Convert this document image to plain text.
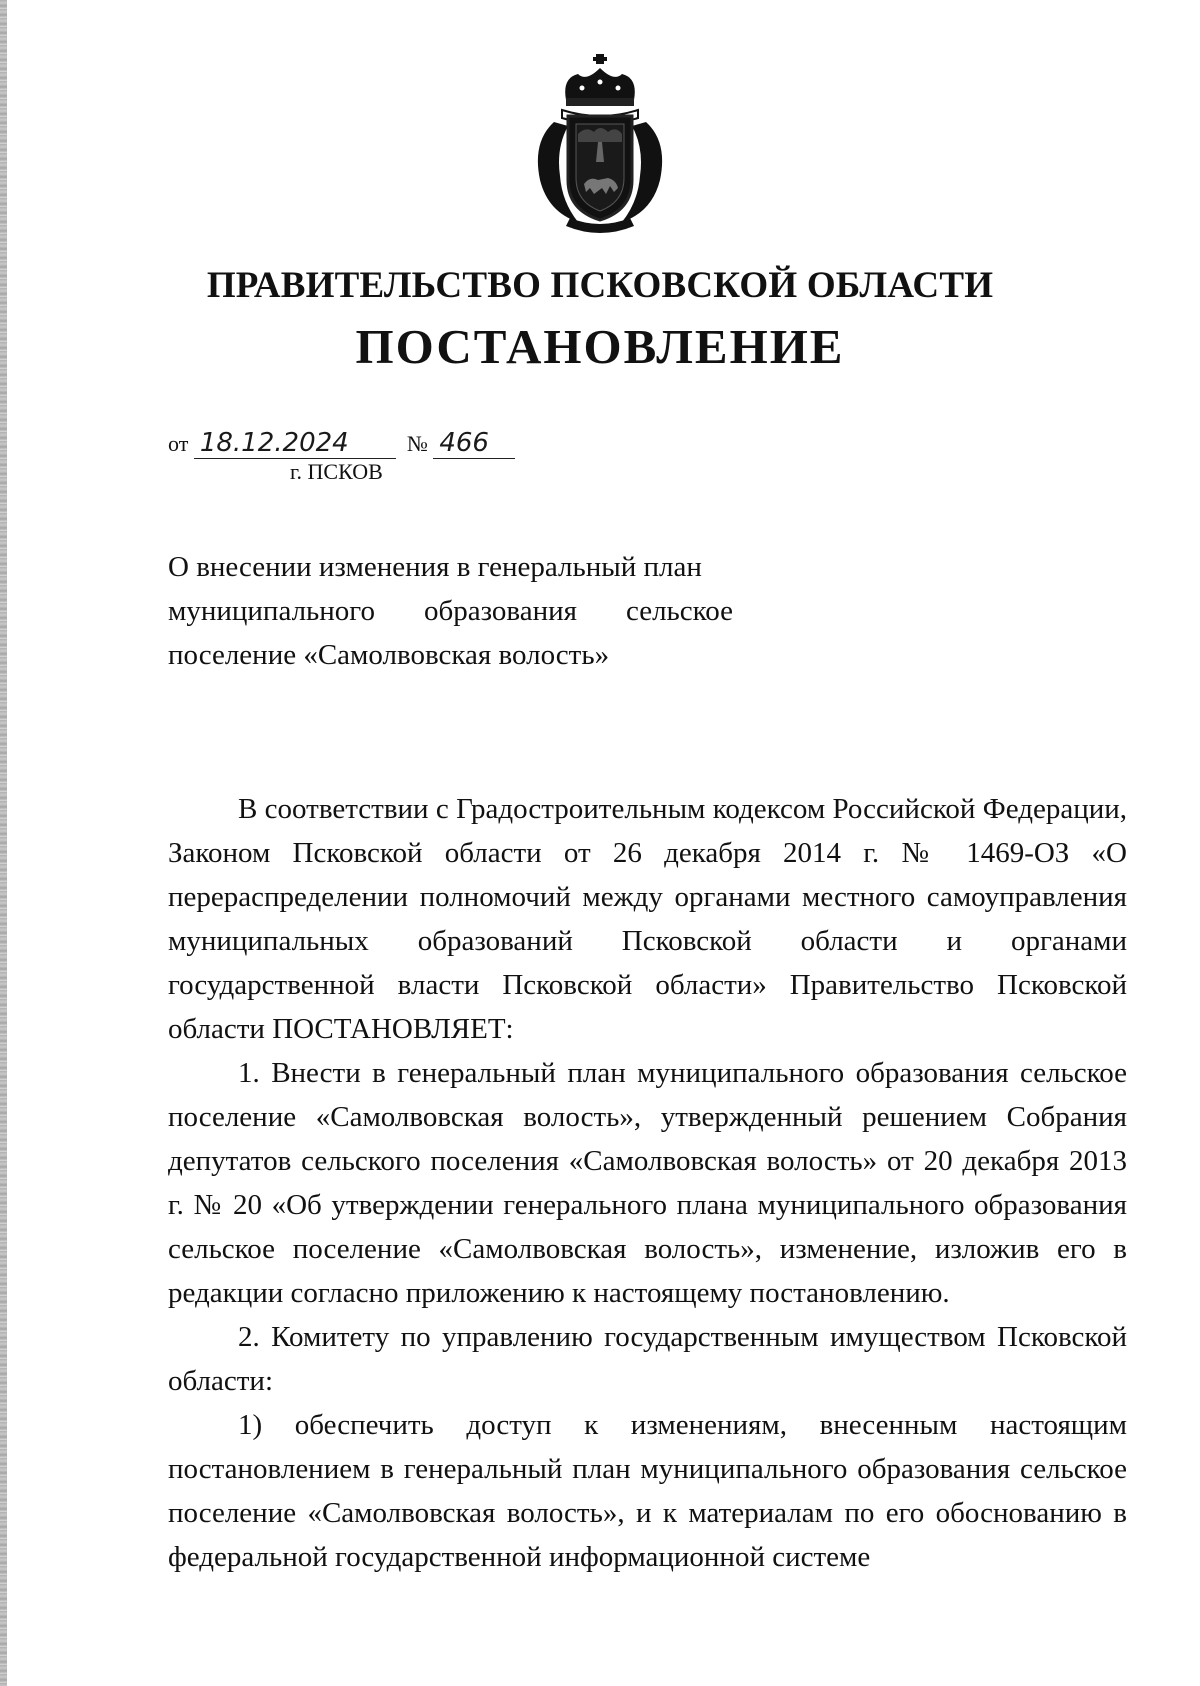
ПРАВИТЕЛЬСТВО ПСКОВСКОЙ ОБЛАСТИ
ПОСТАНОВЛЕНИЕ
от 18.12.2024	№ 466
г. ПСКОВ
О внесении изменения в генеральный план
муниципального образования сельское
поселение «Самолвовская волость»

В соответствии с Градостроительным кодексом Российской Федерации, Законом Псковской области от 26 декабря 2014 г. № 1469-ОЗ «О перераспределении полномочий между органами местного самоуправления муниципальных образований Псковской области и органами государственной власти Псковской области» Правительство Псковской области ПОСТАНОВЛЯЕТ:

1. Внести в генеральный план муниципального образования сельское поселение «Самолвовская волость», утвержденный решением Собрания депутатов сельского поселения «Самолвовская волость» от 20 декабря 2013 г. № 20 «Об утверждении генерального плана муниципального образования сельское поселение «Самолвовская волость», изменение, изложив его в редакции согласно приложению к настоящему постановлению.

2. Комитету по управлению государственным имуществом Псковской области:

1) обеспечить доступ к изменениям, внесенным настоящим постановлением в генеральный план муниципального образования сельское поселение «Самолвовская волость», и к материалам по его обоснованию в федеральной государственной информационной системе
